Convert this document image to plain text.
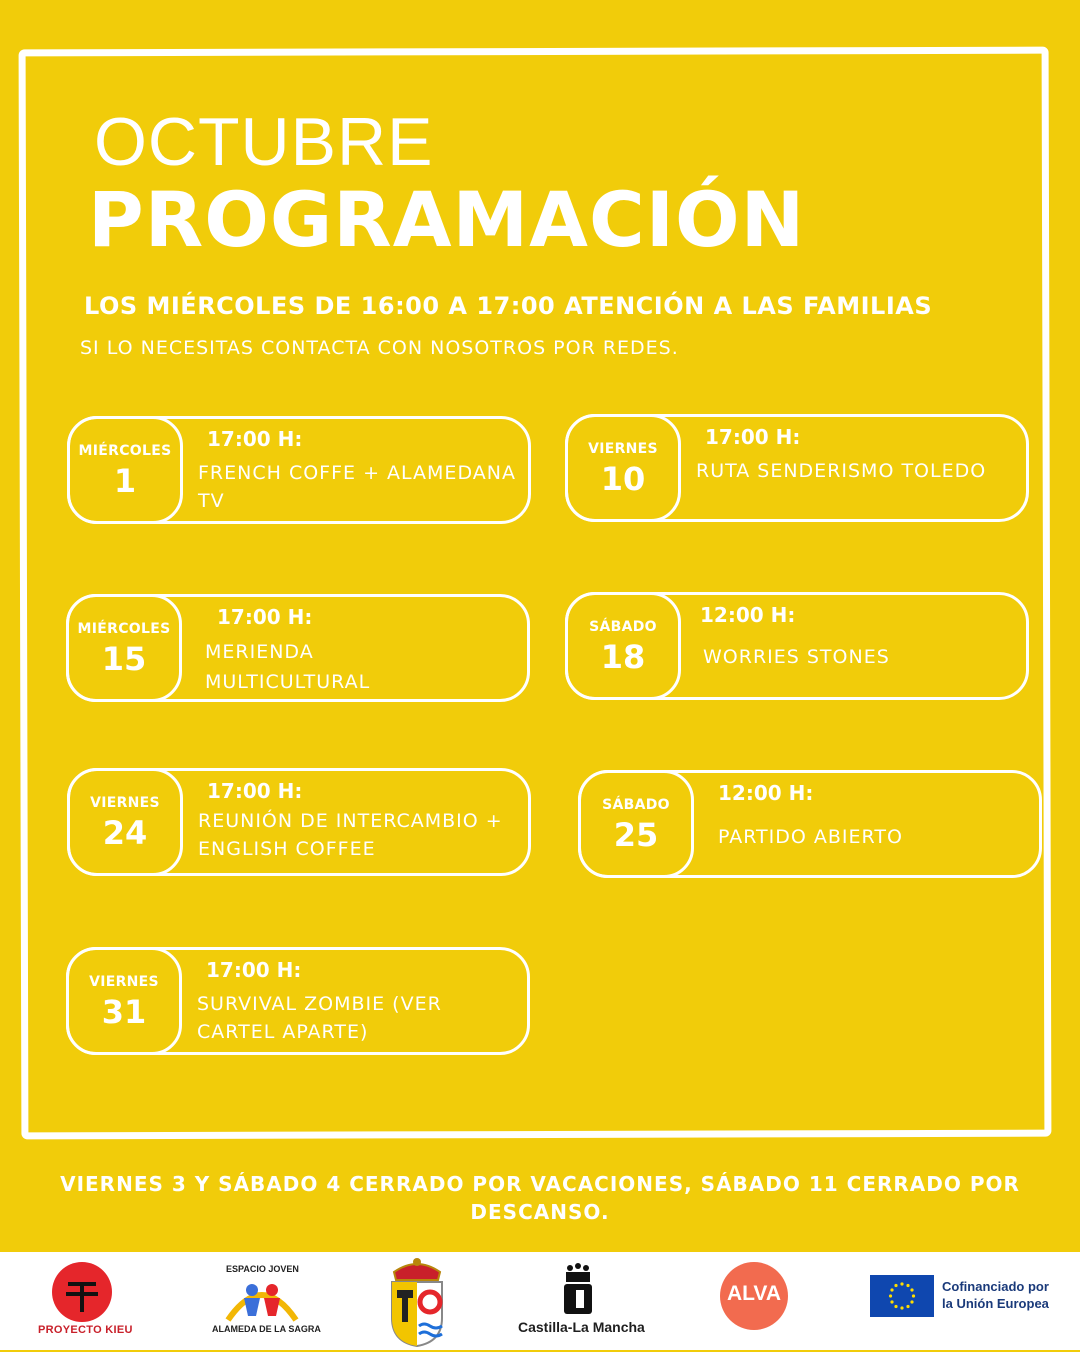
OCTUBRE
PROGRAMACIÓN
LOS MIÉRCOLES DE 16:00 A 17:00 ATENCIÓN A LAS FAMILIAS
SI LO NECESITAS CONTACTA CON NOSOTROS POR REDES.
MIÉRCOLES
1
17:00 H:
FRENCH COFFE + ALAMEDANA TV
VIERNES
10
17:00 H:
RUTA SENDERISMO TOLEDO
MIÉRCOLES
15
17:00 H:
MERIENDA MULTICULTURAL
SÁBADO
18
12:00 H:
WORRIES STONES
VIERNES
24
17:00 H:
REUNIÓN DE INTERCAMBIO + ENGLISH COFFEE
SÁBADO
25
12:00 H:
PARTIDO ABIERTO
VIERNES
31
17:00 H:
SURVIVAL ZOMBIE (VER CARTEL APARTE)
VIERNES 3 Y SÁBADO 4 CERRADO POR VACACIONES, SÁBADO 11 CERRADO POR DESCANSO.
PROYECTO KIEU
ESPACIO JOVEN
ALAMEDA DE LA SAGRA	Castilla-La Mancha
ALVA	Cofinanciado por
la Unión Europea
